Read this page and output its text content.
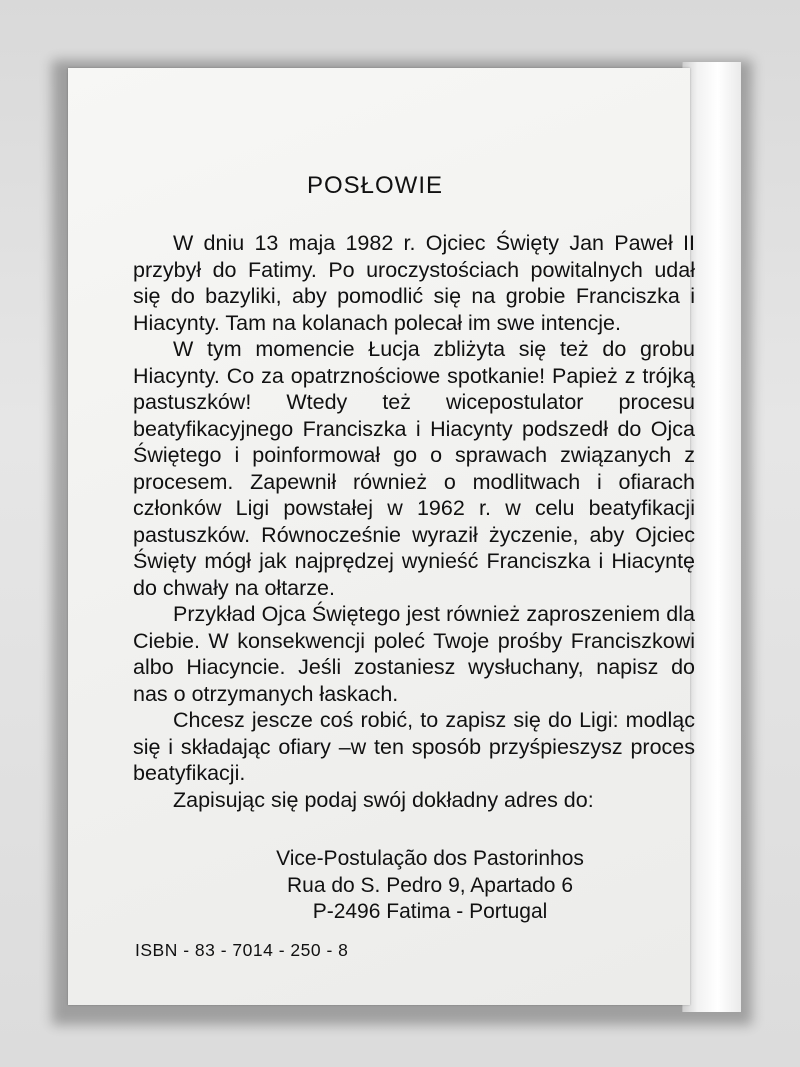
POSŁOWIE

W dniu 13 maja 1982 r. Ojciec Święty Jan Paweł II przybył do Fatimy. Po uroczystościach powitalnych udał się do bazyliki, aby pomodlić się na grobie Franciszka i Hiacynty. Tam na kolanach polecał im swe intencje.

W tym momencie Łucja zbliżyta się też do grobu Hiacynty. Co za opatrznościowe spotkanie! Papież z trójką pastuszków! Wtedy też wicepostulator procesu beatyfikacyjnego Franciszka i Hiacynty podszedł do Ojca Świętego i poinformował go o sprawach związanych z procesem. Zapewnił również o modlitwach i ofiarach członków Ligi powstałej w 1962 r. w celu beatyfikacji pastuszków. Równocześnie wyraził życzenie, aby Ojciec Święty mógł jak najprędzej wynieść Franciszka i Hiacyntę do chwały na ołtarze.

Przykład Ojca Świętego jest również zaproszeniem dla Ciebie. W konsekwencji poleć Twoje prośby Franciszkowi albo Hiacyncie. Jeśli zostaniesz wysłuchany, napisz do nas o otrzymanych łaskach.

Chcesz jescze coś robić, to zapisz się do Ligi: modląc się i składając ofiary –w ten sposób przyśpieszysz proces beatyfikacji.

Zapisując się podaj swój dokładny adres do:

Vice-Postulação dos Pastorinhos
Rua do S. Pedro 9, Apartado 6
P-2496 Fatima - Portugal
ISBN - 83 - 7014 - 250 - 8
